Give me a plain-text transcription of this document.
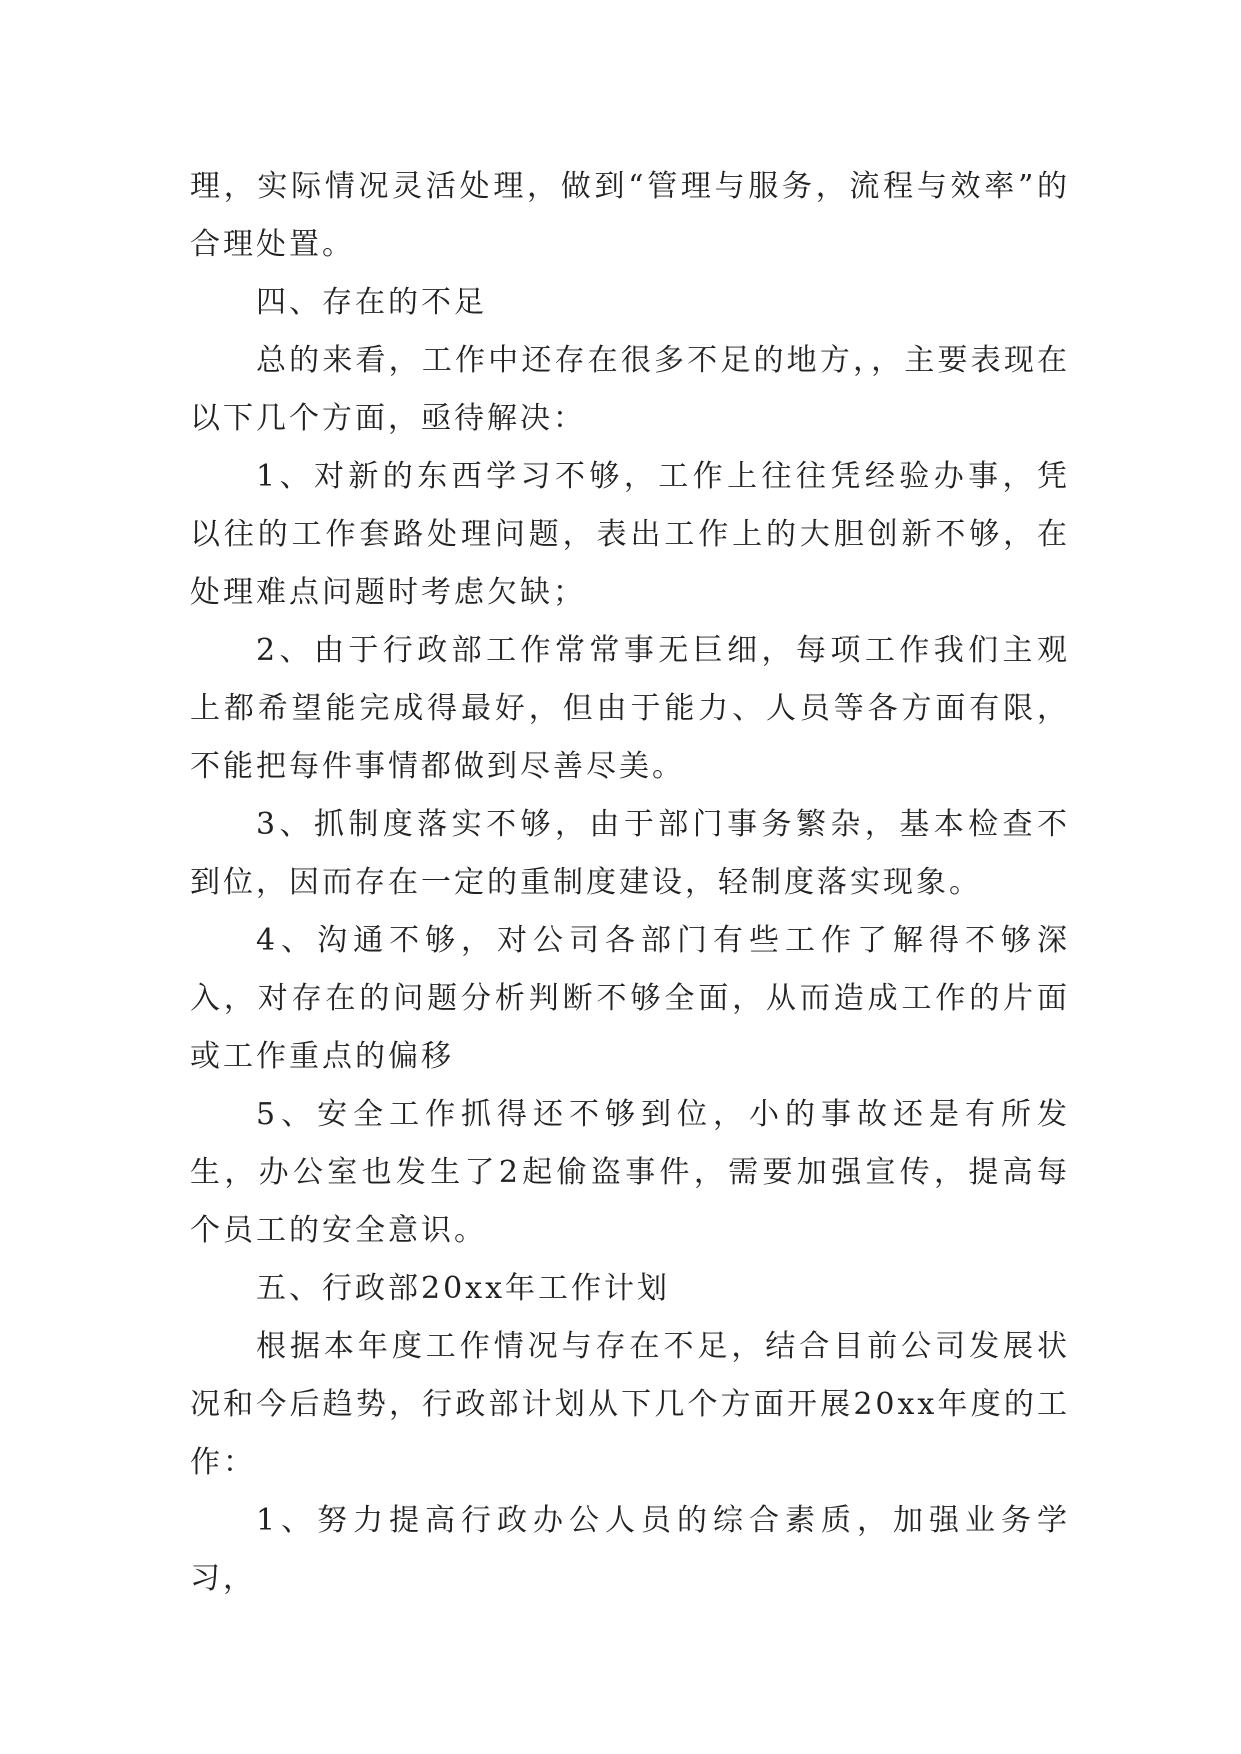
理，实际情况灵活处理，做到“管理与服务，流程与效率”的合理处置。

四、存在的不足

总的来看，工作中还存在很多不足的地方，，主要表现在以下几个方面，亟待解决：

1、对新的东西学习不够，工作上往往凭经验办事，凭以往的工作套路处理问题，表出工作上的大胆创新不够，在处理难点问题时考虑欠缺；

2、由于行政部工作常常事无巨细，每项工作我们主观上都希望能完成得最好，但由于能力、人员等各方面有限，不能把每件事情都做到尽善尽美。

3、抓制度落实不够，由于部门事务繁杂，基本检查不到位，因而存在一定的重制度建设，轻制度落实现象。

4、沟通不够，对公司各部门有些工作了解得不够深入，对存在的问题分析判断不够全面，从而造成工作的片面或工作重点的偏移

5、安全工作抓得还不够到位，小的事故还是有所发生，办公室也发生了2起偷盗事件，需要加强宣传，提高每个员工的安全意识。

五、行政部20xx年工作计划

根据本年度工作情况与存在不足，结合目前公司发展状况和今后趋势，行政部计划从下几个方面开展20xx年度的工作：

1、努力提高行政办公人员的综合素质，加强业务学习，
